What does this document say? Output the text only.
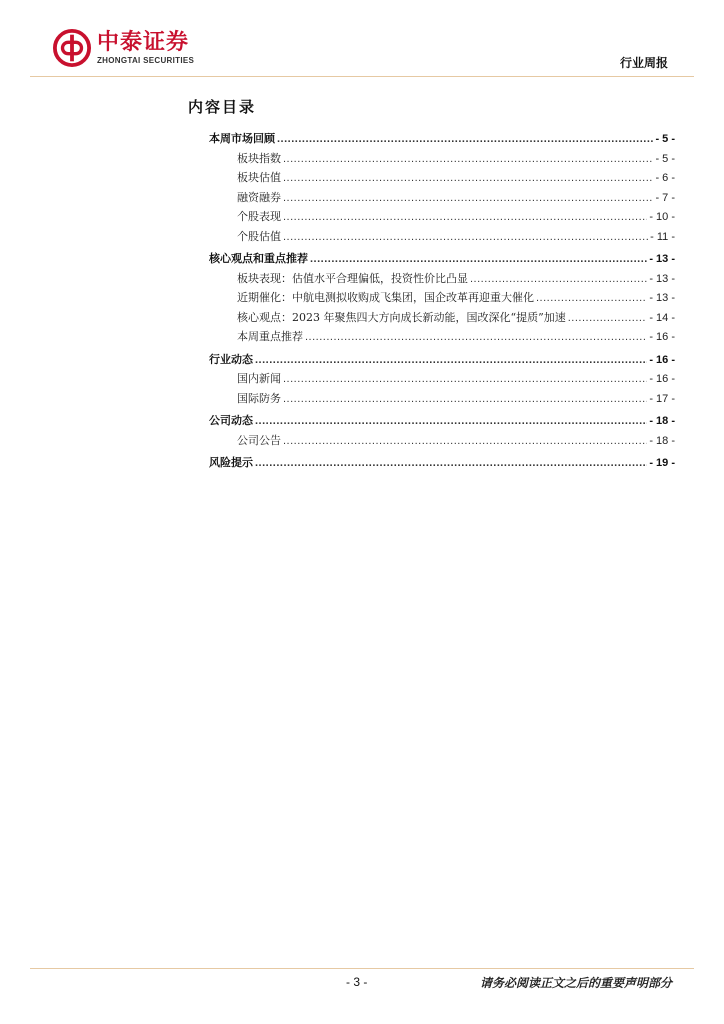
中泰证券
ZHONGTAI SECURITIES	行业周报
内容目录
本周市场回顾 .....	- 5 -
板块指数 .....	- 5 -
板块估值 .....	- 6 -
融资融券 .....	- 7 -
个股表现 .....	- 10 -
个股估值 .....	- 11 -
核心观点和重点推荐 .....	- 13 -
板块表现：估值水平合理偏低，投资性价比凸显 .....	- 13 -
近期催化：中航电测拟收购成飞集团，国企改革再迎重大催化 .....	- 13 -
核心观点：2023 年聚焦四大方向成长新动能，国改深化“提质”加速 .....	- 14 -
本周重点推荐 .....	- 16 -
行业动态 .....	- 16 -
国内新闻 .....	- 16 -
国际防务 .....	- 17 -
公司动态 .....	- 18 -
公司公告 .....	- 18 -
风险提示 .....	- 19 -
- 3 -	请务必阅读正文之后的重要声明部分
